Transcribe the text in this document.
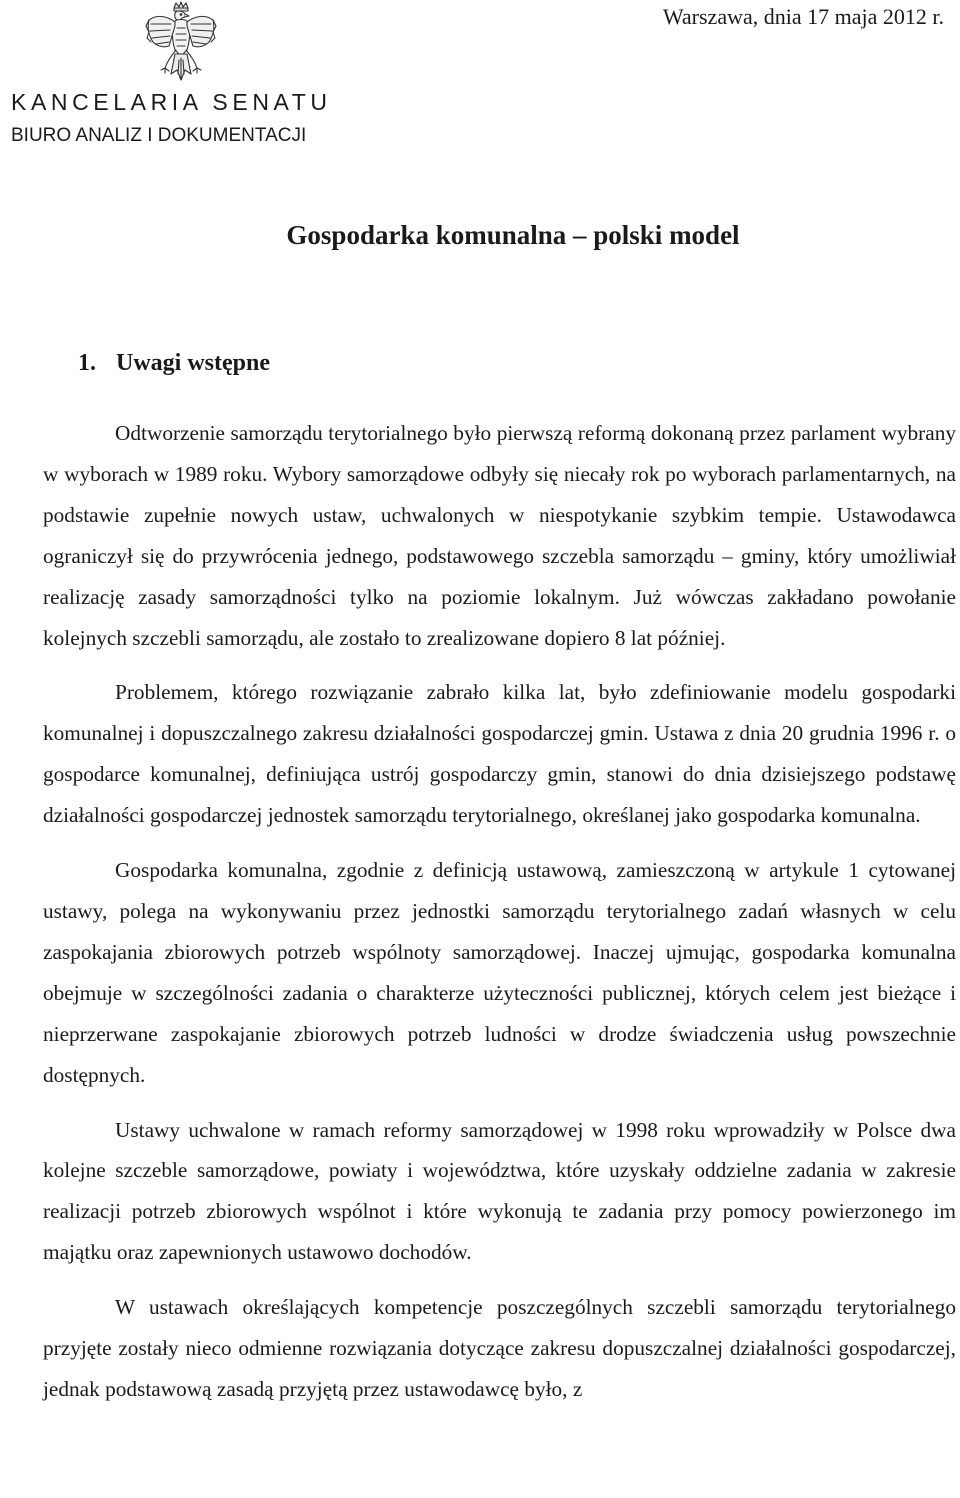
Warszawa, dnia 17 maja 2012 r.
KANCELARIA SENATU
BIURO ANALIZ I DOKUMENTACJI
Gospodarka komunalna – polski model
1. Uwagi wstępne

Odtworzenie samorządu terytorialnego było pierwszą reformą dokonaną przez parlament wybrany w wyborach w 1989 roku. Wybory samorządowe odbyły się niecały rok po wyborach parlamentarnych, na podstawie zupełnie nowych ustaw, uchwalonych w niespotykanie szybkim tempie. Ustawodawca ograniczył się do przywrócenia jednego, podstawowego szczebla samorządu – gminy, który umożliwiał realizację zasady samorządności tylko na poziomie lokalnym. Już wówczas zakładano powołanie kolejnych szczebli samorządu, ale zostało to zrealizowane dopiero 8 lat później.

Problemem, którego rozwiązanie zabrało kilka lat, było zdefiniowanie modelu gospodarki komunalnej i dopuszczalnego zakresu działalności gospodarczej gmin. Ustawa z dnia 20 grudnia 1996 r. o gospodarce komunalnej, definiująca ustrój gospodarczy gmin, stanowi do dnia dzisiejszego podstawę działalności gospodarczej jednostek samorządu terytorialnego, określanej jako gospodarka komunalna.

Gospodarka komunalna, zgodnie z definicją ustawową, zamieszczoną w artykule 1 cytowanej ustawy, polega na wykonywaniu przez jednostki samorządu terytorialnego zadań własnych w celu zaspokajania zbiorowych potrzeb wspólnoty samorządowej. Inaczej ujmując, gospodarka komunalna obejmuje w szczególności zadania o charakterze użyteczności publicznej, których celem jest bieżące i nieprzerwane zaspokajanie zbiorowych potrzeb ludności w drodze świadczenia usług powszechnie dostępnych.

Ustawy uchwalone w ramach reformy samorządowej w 1998 roku wprowadziły w Polsce dwa kolejne szczeble samorządowe, powiaty i województwa, które uzyskały oddzielne zadania w zakresie realizacji potrzeb zbiorowych wspólnot i które wykonują te zadania przy pomocy powierzonego im majątku oraz zapewnionych ustawowo dochodów.

W ustawach określających kompetencje poszczególnych szczebli samorządu terytorialnego przyjęte zostały nieco odmienne rozwiązania dotyczące zakresu dopuszczalnej działalności gospodarczej, jednak podstawową zasadą przyjętą przez ustawodawcę było, z
